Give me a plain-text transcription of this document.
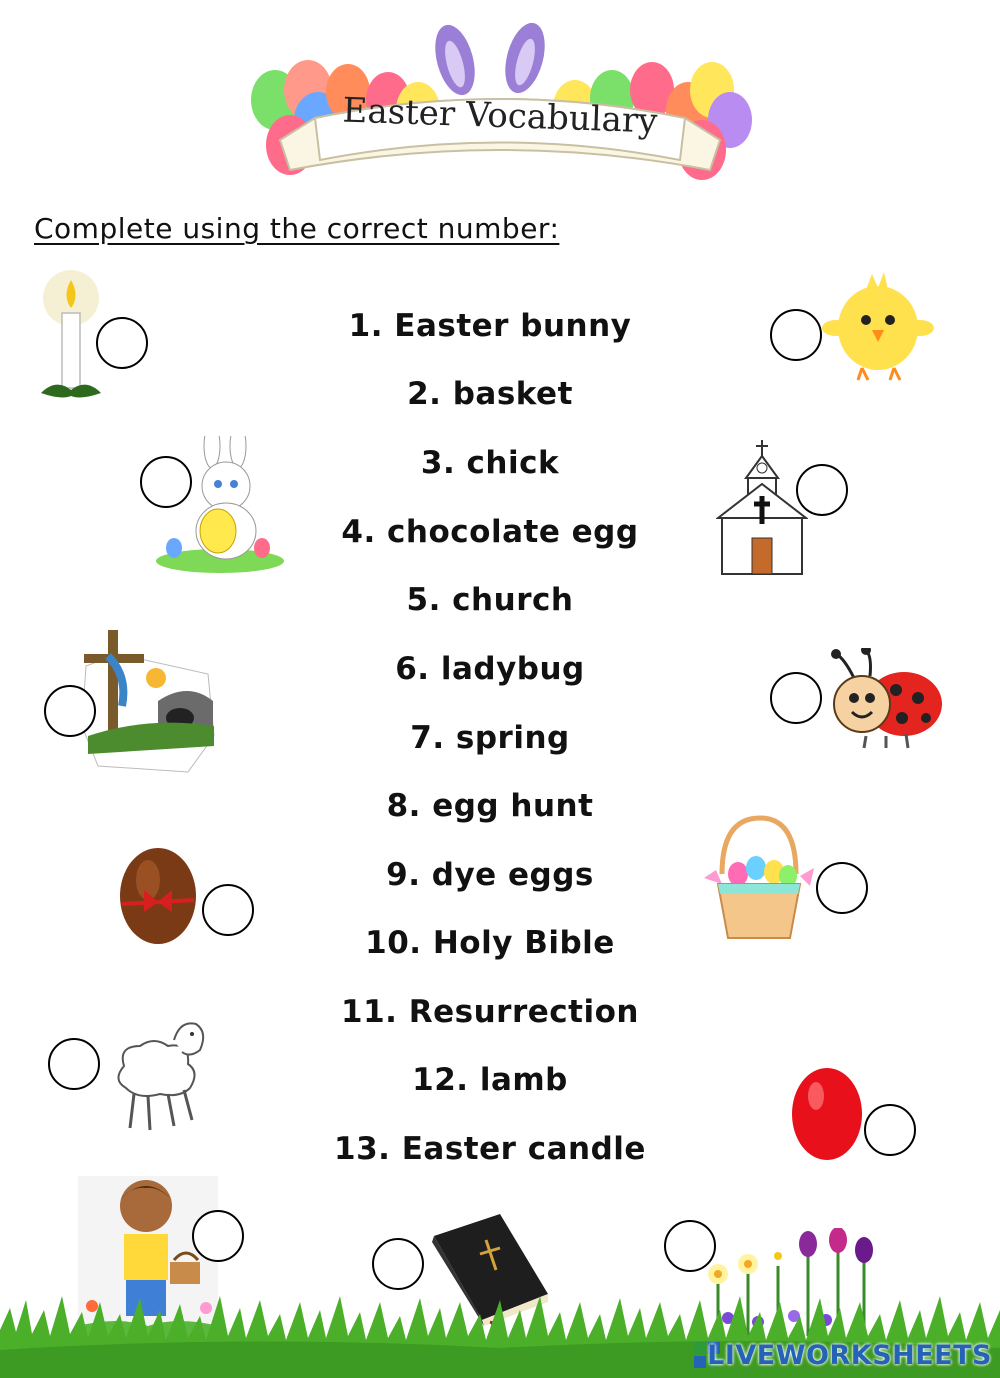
Easter Vocabulary
Complete using the correct number:
1. Easter bunny
2. basket
3. chick
4. chocolate egg
5. church
6. ladybug
7. spring
8. egg hunt
9. dye eggs
10. Holy Bible
11. Resurrection
12. lamb
13. Easter candle
LIVEWORKSHEETS
